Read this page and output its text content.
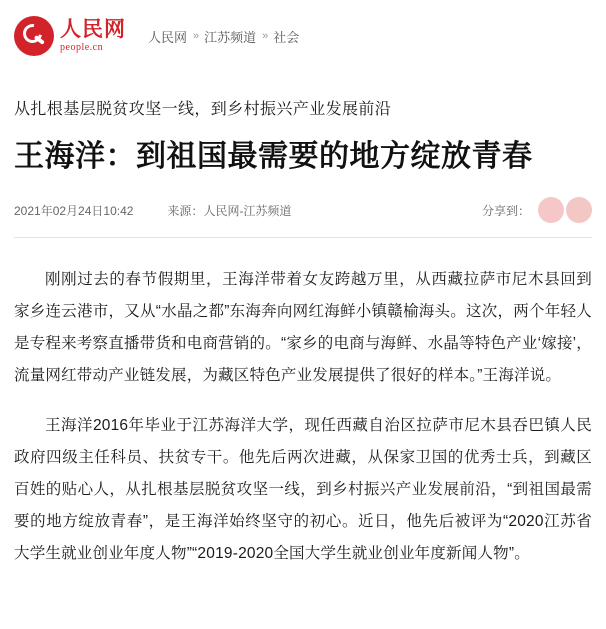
人民网
people.cn
人民网 » 江苏频道 » 社会
从扎根基层脱贫攻坚一线，到乡村振兴产业发展前沿
王海洋：到祖国最需要的地方绽放青春
2021年02月24日10:42	来源：人民网-江苏频道	分享到：

刚刚过去的春节假期里，王海洋带着女友跨越万里，从西藏拉萨市尼木县回到家乡连云港市，又从“水晶之都”东海奔向网红海鲜小镇赣榆海头。这次，两个年轻人是专程来考察直播带货和电商营销的。“家乡的电商与海鲜、水晶等特色产业‘嫁接’，流量网红带动产业链发展，为藏区特色产业发展提供了很好的样本。”王海洋说。

王海洋2016年毕业于江苏海洋大学，现任西藏自治区拉萨市尼木县吞巴镇人民政府四级主任科员、扶贫专干。他先后两次进藏，从保家卫国的优秀士兵，到藏区百姓的贴心人，从扎根基层脱贫攻坚一线，到乡村振兴产业发展前沿，“到祖国最需要的地方绽放青春”，是王海洋始终坚守的初心。近日，他先后被评为“2020江苏省大学生就业创业年度人物”“2019-2020全国大学生就业创业年度新闻人物”。
